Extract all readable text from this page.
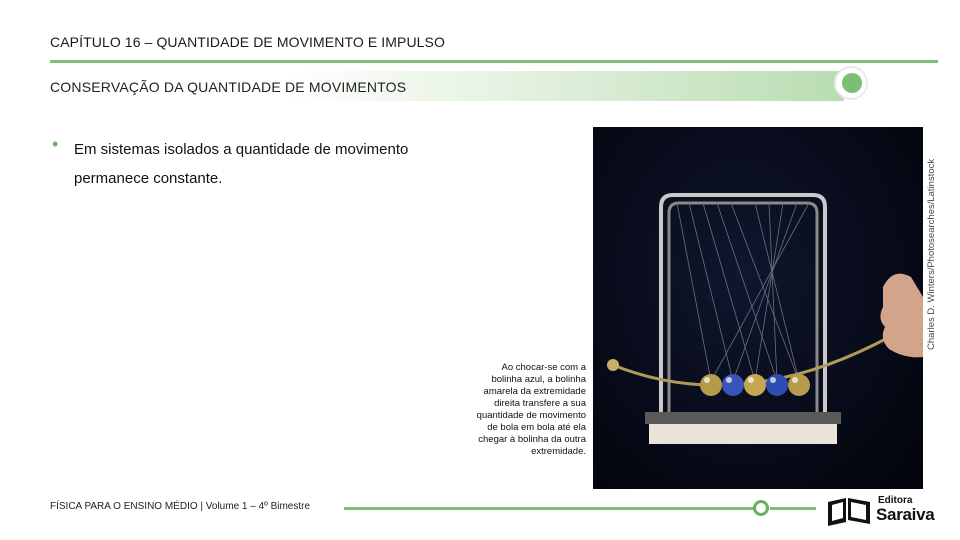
CAPÍTULO 16 – QUANTIDADE DE MOVIMENTO E IMPULSO
CONSERVAÇÃO DA QUANTIDADE DE MOVIMENTOS
• Em sistemas isolados a quantidade de movimento permanece constante.	Charles D. Winters/Photosearches/Latinstock
Ao chocar-se com a bolinha azul, a bolinha amarela da extremidade direita transfere a sua quantidade de movimento de bola em bola até ela chegar à bolinha da outra extremidade.
FÍSICA PARA O ENSINO MÉDIO | Volume 1 – 4º Bimestre
Editora
Saraiva
